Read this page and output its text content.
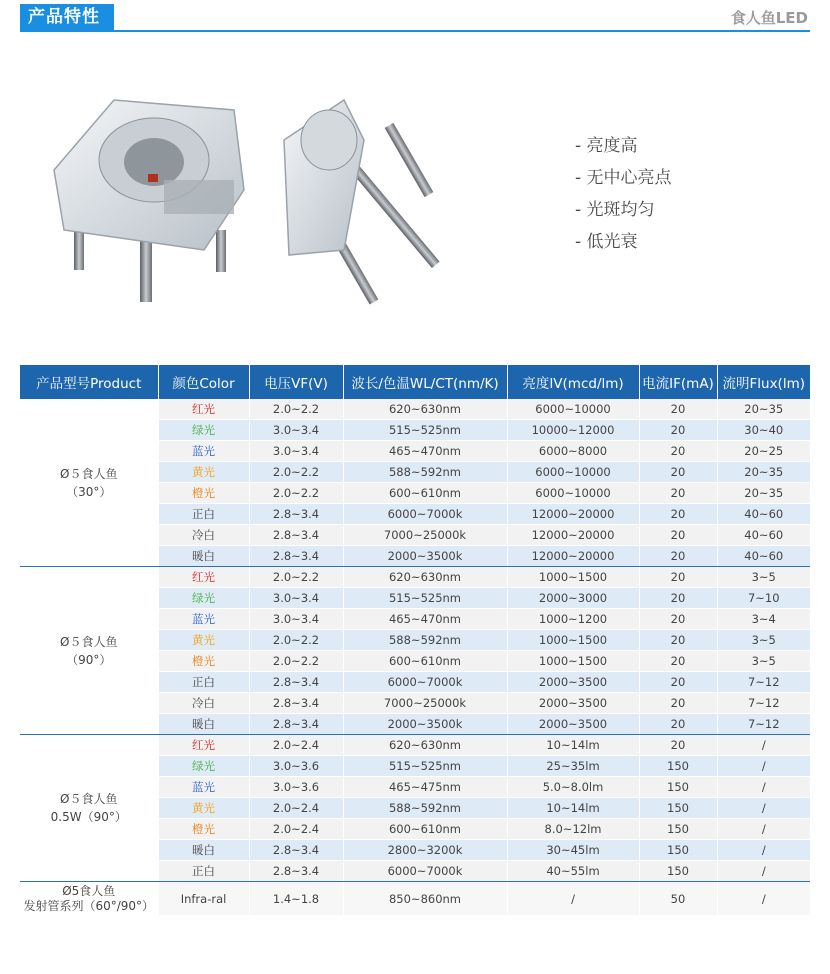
产品特性	食人鱼LED
- 亮度高
- 无中心亮点
- 光斑均匀
- 低光衰
产品型号Product	颜色Color	电压VF(V)	波长/色温WL/CT(nm/K)	亮度IV(mcd/lm)	电流IF(mA)	流明Flux(lm)

Ø５食人鱼
（30°）	红光	2.0~2.2	620~630nm	6000~10000	20	20~35
	绿光	3.0~3.4	515~525nm	10000~12000	20	30~40
	蓝光	3.0~3.4	465~470nm	6000~8000	20	20~25
	黄光	2.0~2.2	588~592nm	6000~10000	20	20~35
	橙光	2.0~2.2	600~610nm	6000~10000	20	20~35
	正白	2.8~3.4	6000~7000k	12000~20000	20	40~60
	冷白	2.8~3.4	7000~25000k	12000~20000	20	40~60
	暖白	2.8~3.4	2000~3500k	12000~20000	20	40~60

Ø５食人鱼
（90°）	红光	2.0~2.2	620~630nm	1000~1500	20	3~5
	绿光	3.0~3.4	515~525nm	2000~3000	20	7~10
	蓝光	3.0~3.4	465~470nm	1000~1200	20	3~4
	黄光	2.0~2.2	588~592nm	1000~1500	20	3~5
	橙光	2.0~2.2	600~610nm	1000~1500	20	3~5
	正白	2.8~3.4	6000~7000k	2000~3500	20	7~12
	冷白	2.8~3.4	7000~25000k	2000~3500	20	7~12
	暖白	2.8~3.4	2000~3500k	2000~3500	20	7~12

Ø５食人鱼
0.5W（90°）	红光	2.0~2.4	620~630nm	10~14lm	20	/
	绿光	3.0~3.6	515~525nm	25~35lm	150	/
	蓝光	3.0~3.6	465~475nm	5.0~8.0lm	150	/
	黄光	2.0~2.4	588~592nm	10~14lm	150	/
	橙光	2.0~2.4	600~610nm	8.0~12lm	150	/
	暖白	2.8~3.4	2800~3200k	30~45lm	150	/
	正白	2.8~3.4	6000~7000k	40~55lm	150	/

Ø5食人鱼
发射管系列（60°/90°）	Infra-ral	1.4~1.8	850~860nm	/	50	/
